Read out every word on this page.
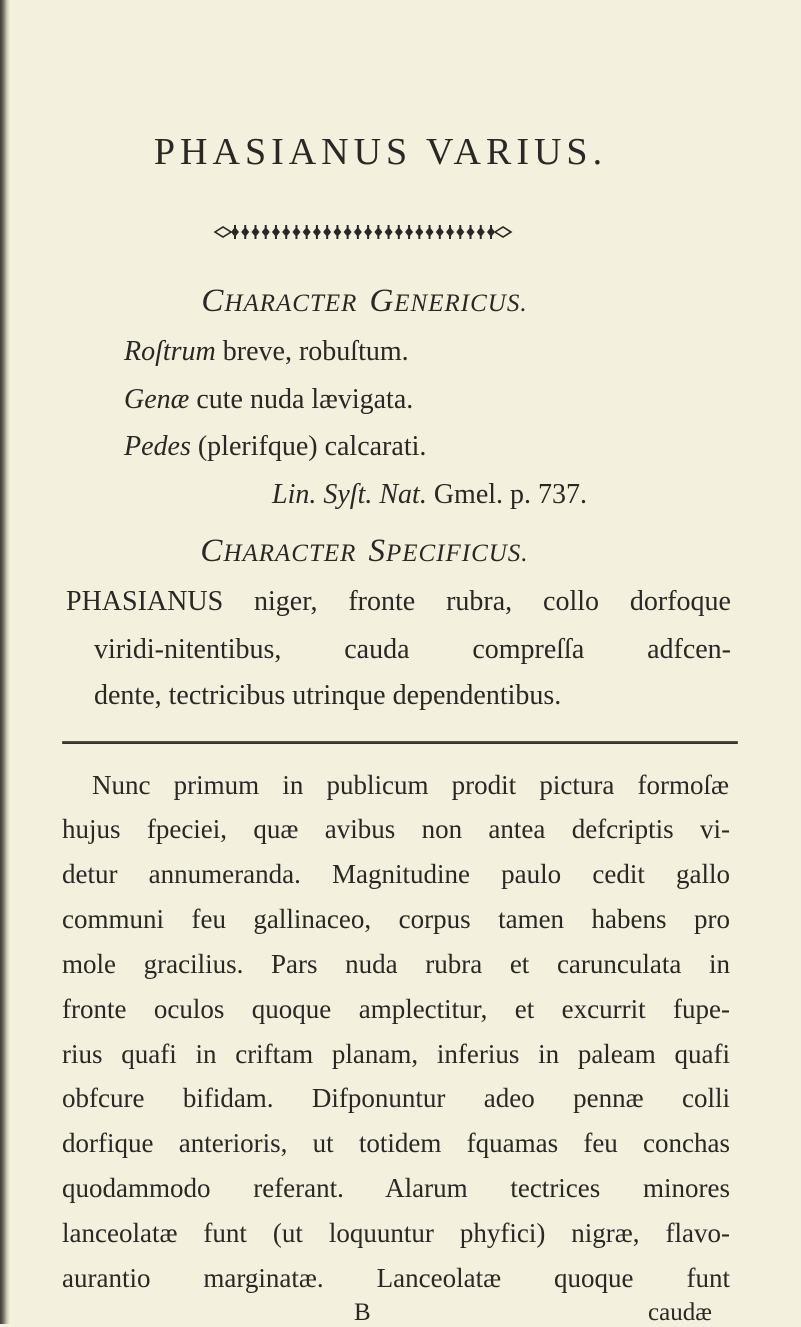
PHASIANUS VARIUS.
CHARACTER GENERICUS.
Roſtrum breve, robuſtum.
Genæ cute nuda lævigata.
Pedes (plerifque) calcarati.
Lin. Syſt. Nat. Gmel. p. 737.
CHARACTER SPECIFICUS.
PHASIANUS niger, fronte rubra, collo dorfoque
viridi-nitentibus, cauda compreſſa adfcen-
dente, tectricibus utrinque dependentibus.
Nunc primum in publicum prodit pictura formoſæ
hujus fpeciei, quæ avibus non antea defcriptis vi-
detur annumeranda. Magnitudine paulo cedit gallo
communi feu gallinaceo, corpus tamen habens pro
mole gracilius. Pars nuda rubra et carunculata in
fronte oculos quoque amplectitur, et excurrit fupe-
rius quafi in criftam planam, inferius in paleam quafi
obfcure bifidam. Difponuntur adeo pennæ colli
dorfique anterioris, ut totidem fquamas feu conchas
quodammodo referant. Alarum tectrices minores
lanceolatæ funt (ut loquuntur phyfici) nigræ, flavo-
aurantio marginatæ. Lanceolatæ quoque funt
B	caudæ
